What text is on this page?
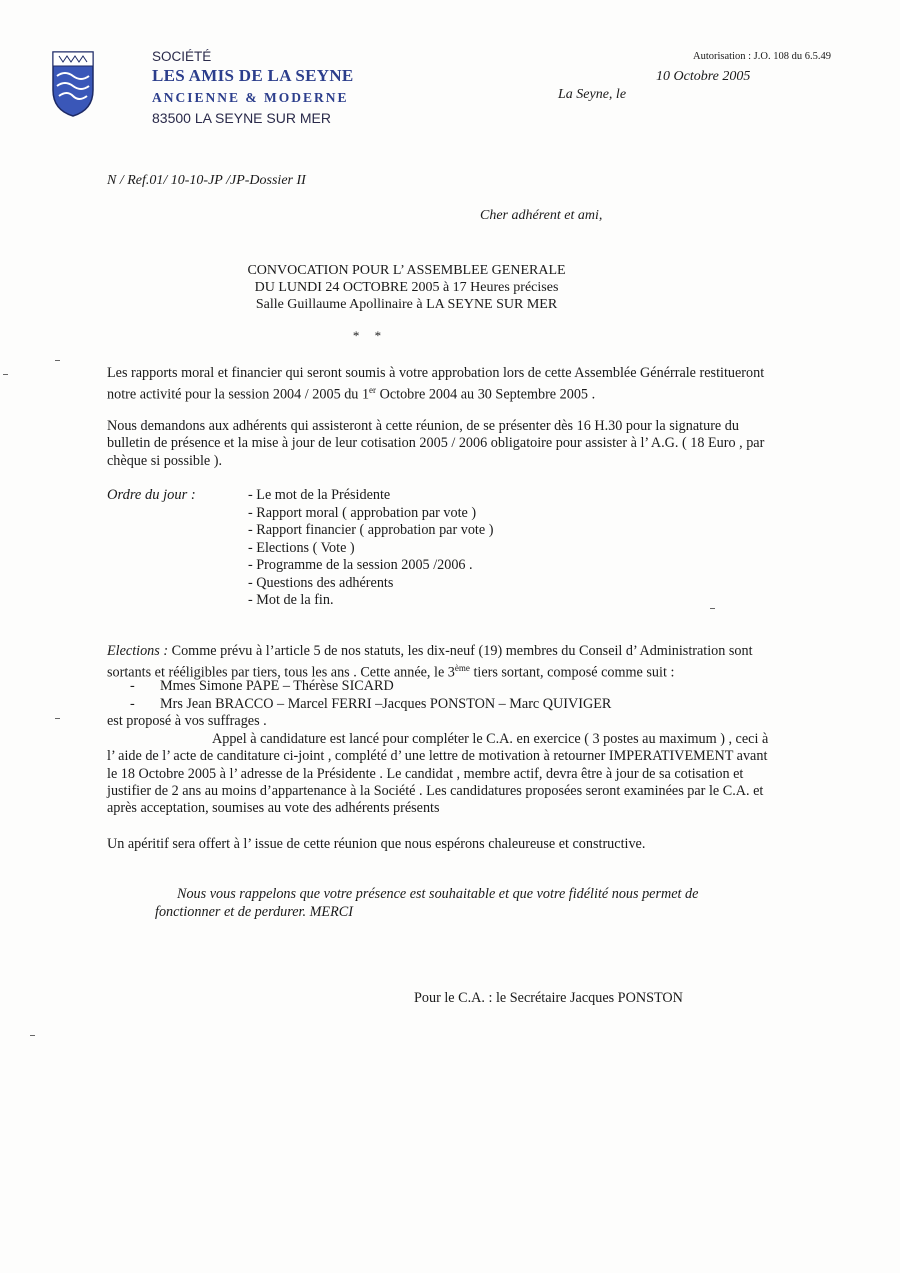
SOCIÉTÉ
LES AMIS DE LA SEYNE
ANCIENNE & MODERNE
83500 LA SEYNE SUR MER
Autorisation : J.O. 108 du 6.5.49
10 Octobre 2005
La Seyne, le
N / Ref.01/ 10-10-JP /JP-Dossier II
Cher adhérent et ami,
CONVOCATION POUR L’ ASSEMBLEE GENERALE
DU LUNDI 24 OCTOBRE 2005 à 17 Heures précises
Salle Guillaume Apollinaire à LA SEYNE SUR MER
* *
Les rapports moral et financier qui seront soumis à votre approbation lors de cette Assemblée Générrale restitueront notre activité pour la session 2004 / 2005 du 1er Octobre 2004 au 30 Septembre 2005 .
Nous demandons aux adhérents qui assisteront à cette réunion, de se présenter dès 16 H.30 pour la signature du bulletin de présence et la mise à jour de leur cotisation 2005 / 2006 obligatoire pour assister à l’ A.G. ( 18 Euro , par chèque si possible ).
Ordre du jour :	- Le mot de la Présidente
- Rapport moral ( approbation par vote )
- Rapport financier ( approbation par vote )
- Elections ( Vote )
- Programme de la session 2005 /2006 .
- Questions des adhérents
- Mot de la fin.
Elections : Comme prévu à l’article 5 de nos statuts, les dix-neuf (19) membres du Conseil d’ Administration sont sortants et rééligibles par tiers, tous les ans . Cette année, le 3ème tiers sortant, composé comme suit :
- Mmes Simone PAPE – Thérèse SICARD
- Mrs Jean BRACCO – Marcel FERRI –Jacques PONSTON – Marc QUIVIGER
est proposé à vos suffrages .
Appel à candidature est lancé pour compléter le C.A. en exercice ( 3 postes au maximum ) , ceci à l’ aide de l’ acte de canditature ci-joint , complété d’ une lettre de motivation à retourner IMPERATIVEMENT avant le 18 Octobre 2005 à l’ adresse de la Présidente . Le candidat , membre actif, devra être à jour de sa cotisation et justifier de 2 ans au moins d’appartenance à la Société . Les candidatures proposées seront examinées par le C.A. et après acceptation, soumises au vote des adhérents présents
Un apéritif sera offert à l’ issue de cette réunion que nous espérons chaleureuse et constructive.
Nous vous rappelons que votre présence est souhaitable et que votre fidélité nous permet de fonctionner et de perdurer. MERCI
Pour le C.A. : le Secrétaire Jacques PONSTON
